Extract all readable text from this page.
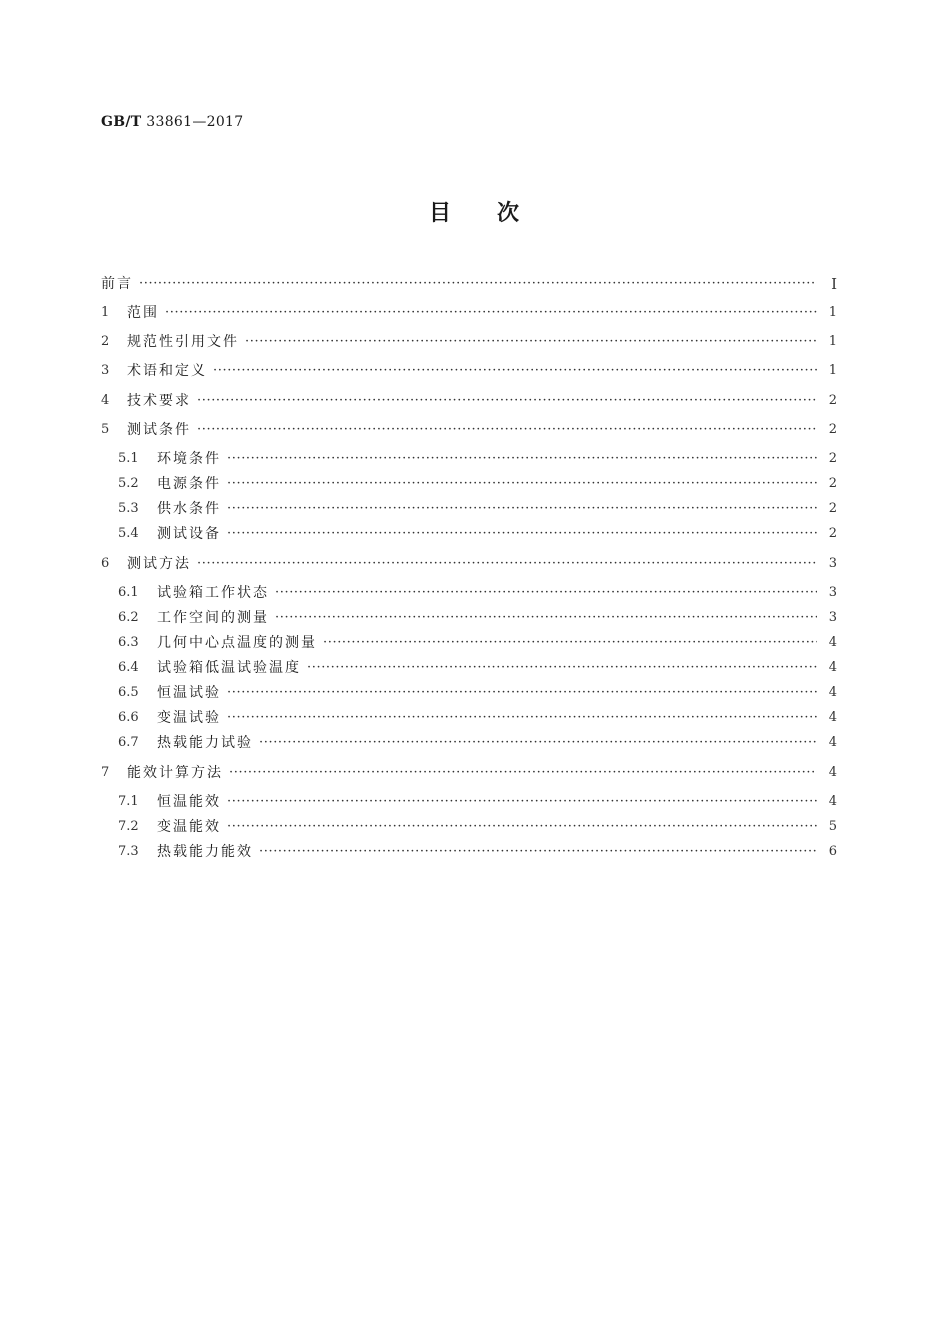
GB/T 33861—2017
目 次
前言 ·····	I
1	范围 ·····	1
2	规范性引用文件 ·····	1
3	术语和定义 ·····	1
4	技术要求 ·····	2
5	测试条件 ·····	2
5.1	环境条件 ·····	2
5.2	电源条件 ·····	2
5.3	供水条件 ·····	2
5.4	测试设备 ·····	2
6	测试方法 ·····	3
6.1	试验箱工作状态 ·····	3
6.2	工作空间的测量 ·····	3
6.3	几何中心点温度的测量 ·····	4
6.4	试验箱低温试验温度 ·····	4
6.5	恒温试验 ·····	4
6.6	变温试验 ·····	4
6.7	热载能力试验 ·····	4
7	能效计算方法 ·····	4
7.1	恒温能效 ·····	4
7.2	变温能效 ·····	5
7.3	热载能力能效 ·····	6
